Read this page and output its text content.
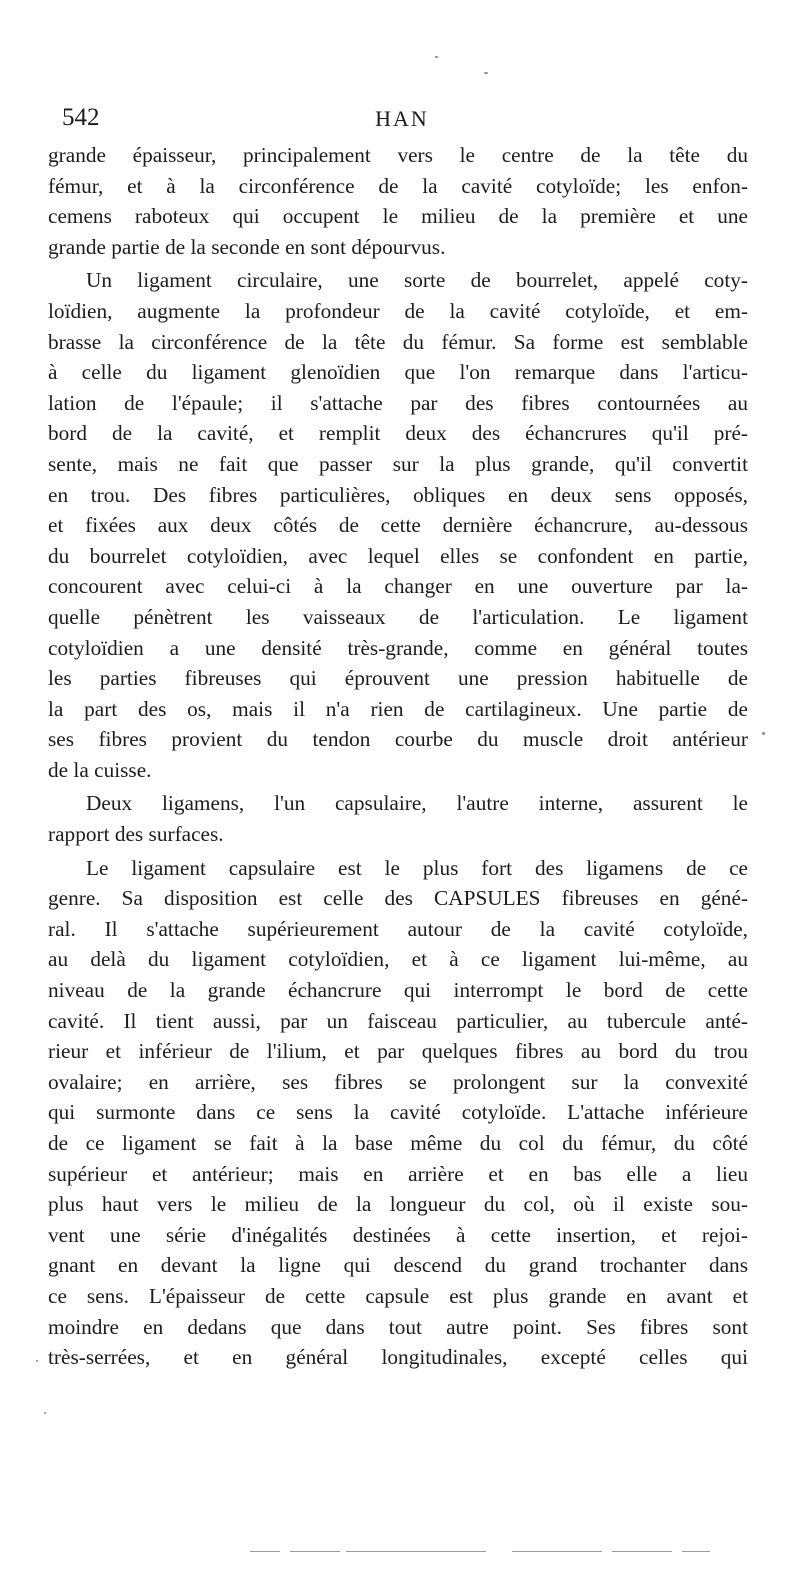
542	HAN
grande épaisseur, principalement vers le centre de la tête du
fémur, et à la circonférence de la cavité cotyloïde; les enfon-
cemens raboteux qui occupent le milieu de la première et une
grande partie de la seconde en sont dépourvus.
Un ligament circulaire, une sorte de bourrelet, appelé coty-
loïdien, augmente la profondeur de la cavité cotyloïde, et em-
brasse la circonférence de la tête du fémur. Sa forme est semblable
à celle du ligament glenoïdien que l'on remarque dans l'articu-
lation de l'épaule; il s'attache par des fibres contournées au
bord de la cavité, et remplit deux des échancrures qu'il pré-
sente, mais ne fait que passer sur la plus grande, qu'il convertit
en trou. Des fibres particulières, obliques en deux sens opposés,
et fixées aux deux côtés de cette dernière échancrure, au-dessous
du bourrelet cotyloïdien, avec lequel elles se confondent en partie,
concourent avec celui-ci à la changer en une ouverture par la-
quelle pénètrent les vaisseaux de l'articulation. Le ligament
cotyloïdien a une densité très-grande, comme en général toutes
les parties fibreuses qui éprouvent une pression habituelle de
la part des os, mais il n'a rien de cartilagineux. Une partie de
ses fibres provient du tendon courbe du muscle droit antérieur
de la cuisse.
Deux ligamens, l'un capsulaire, l'autre interne, assurent le
rapport des surfaces.
Le ligament capsulaire est le plus fort des ligamens de ce
genre. Sa disposition est celle des CAPSULES fibreuses en géné-
ral. Il s'attache supérieurement autour de la cavité cotyloïde,
au delà du ligament cotyloïdien, et à ce ligament lui-même, au
niveau de la grande échancrure qui interrompt le bord de cette
cavité. Il tient aussi, par un faisceau particulier, au tubercule anté-
rieur et inférieur de l'ilium, et par quelques fibres au bord du trou
ovalaire; en arrière, ses fibres se prolongent sur la convexité
qui surmonte dans ce sens la cavité cotyloïde. L'attache inférieure
de ce ligament se fait à la base même du col du fémur, du côté
supérieur et antérieur; mais en arrière et en bas elle a lieu
plus haut vers le milieu de la longueur du col, où il existe sou-
vent une série d'inégalités destinées à cette insertion, et rejoi-
gnant en devant la ligne qui descend du grand trochanter dans
ce sens. L'épaisseur de cette capsule est plus grande en avant et
moindre en dedans que dans tout autre point. Ses fibres sont
très-serrées, et en général longitudinales, excepté celles qui
